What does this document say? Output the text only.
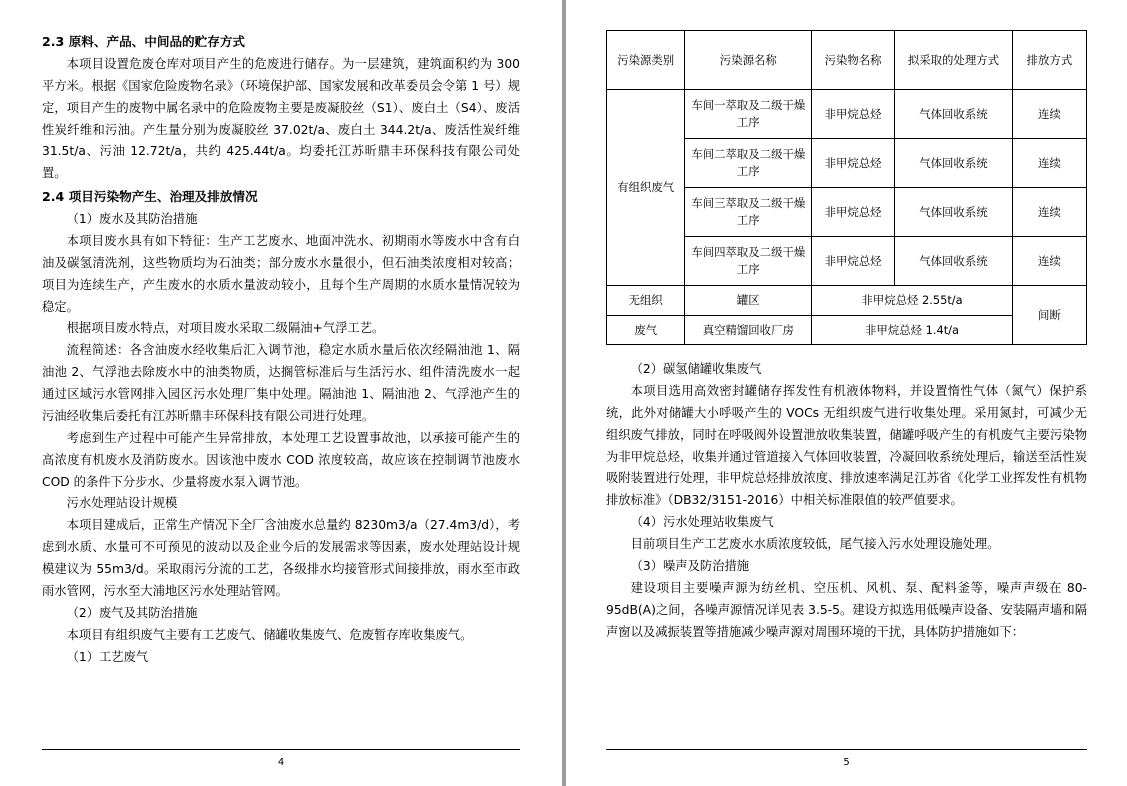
2.3 原料、产品、中间品的贮存方式

本项目设置危废仓库对项目产生的危废进行储存。为一层建筑，建筑面积约为 300 平方米。根据《国家危险废物名录》（环境保护部、国家发展和改革委员会令第 1 号）规定，项目产生的废物中属名录中的危险废物主要是废凝胶丝（S1）、废白土（S4）、废活性炭纤维和污油。产生量分别为废凝胶丝 37.02t/a、废白土 344.2t/a、废活性炭纤维 31.5t/a、污油 12.72t/a，共约 425.44t/a。均委托江苏昕鼎丰环保科技有限公司处置。

2.4 项目污染物产生、治理及排放情况

（1）废水及其防治措施

本项目废水具有如下特征：生产工艺废水、地面冲洗水、初期雨水等废水中含有白油及碳氢清洗剂，这些物质均为石油类；部分废水水量很小，但石油类浓度相对较高；项目为连续生产，产生废水的水质水量波动较小，且每个生产周期的水质水量情况较为稳定。

根据项目废水特点，对项目废水采取二级隔油+气浮工艺。

流程简述：各含油废水经收集后汇入调节池，稳定水质水量后依次经隔油池 1、隔油池 2、气浮池去除废水中的油类物质，达搁管标准后与生活污水、组件清洗废水一起通过区域污水管网排入园区污水处理厂集中处理。隔油池 1、隔油池 2、气浮池产生的污油经收集后委托有江苏昕鼎丰环保科技有限公司进行处理。

考虑到生产过程中可能产生异常排放，本处理工艺设置事故池，以承接可能产生的高浓度有机废水及消防废水。因该池中废水 COD 浓度较高，故应该在控制调节池废水 COD 的条件下分步水、少量将废水泵入调节池。

污水处理站设计规模

本项目建成后，正常生产情况下全厂含油废水总量约 8230m3/a（27.4m3/d），考虑到水质、水量可不可预见的波动以及企业今后的发展需求等因素，废水处理站设计规模建议为 55m3/d。采取雨污分流的工艺，各级排水均接管形式间接排放，雨水至市政雨水管网，污水至大浦地区污水处理站管网。

（2）废气及其防治措施

本项目有组织废气主要有工艺废气、储罐收集废气、危废暂存库收集废气。

（1）工艺废气

4
污染源类别	污染源名称	污染物名称	拟采取的处理方式	排放方式
有组织废气	车间一萃取及二级干燥工序	非甲烷总烃	气体回收系统	连续
	车间二萃取及二级干燥工序	非甲烷总烃	气体回收系统	连续
	车间三萃取及二级干燥工序	非甲烷总烃	气体回收系统	连续
	车间四萃取及二级干燥工序	非甲烷总烃	气体回收系统	连续
无组织	罐区	非甲烷总烃 2.55t/a		间断
废气	真空精馏回收厂房	非甲烷总烃 1.4t/a		

（2）碳氢储罐收集废气

本项目选用高效密封罐储存挥发性有机液体物料，并设置惰性气体（氮气）保护系统，此外对储罐大小呼吸产生的 VOCs 无组织废气进行收集处理。采用氮封，可减少无组织废气排放，同时在呼吸阀外设置泄放收集装置，储罐呼吸产生的有机废气主要污染物为非甲烷总烃，收集并通过管道接入气体回收装置，冷凝回收系统处理后，输送至活性炭吸附装置进行处理，非甲烷总烃排放浓度、排放速率满足江苏省《化学工业挥发性有机物排放标准》（DB32/3151-2016）中相关标准限值的较严值要求。

（4）污水处理站收集废气

目前项目生产工艺废水水质浓度较低，尾气接入污水处理设施处理。

（3）噪声及防治措施

建设项目主要噪声源为纺丝机、空压机、风机、泵、配料釜等，噪声声级在 80-95dB(A)之间，各噪声源情况详见表 3.5-5。建设方拟选用低噪声设备、安装隔声墙和隔声窗以及减振装置等措施减少噪声源对周围环境的干扰，具体防护措施如下：

5
